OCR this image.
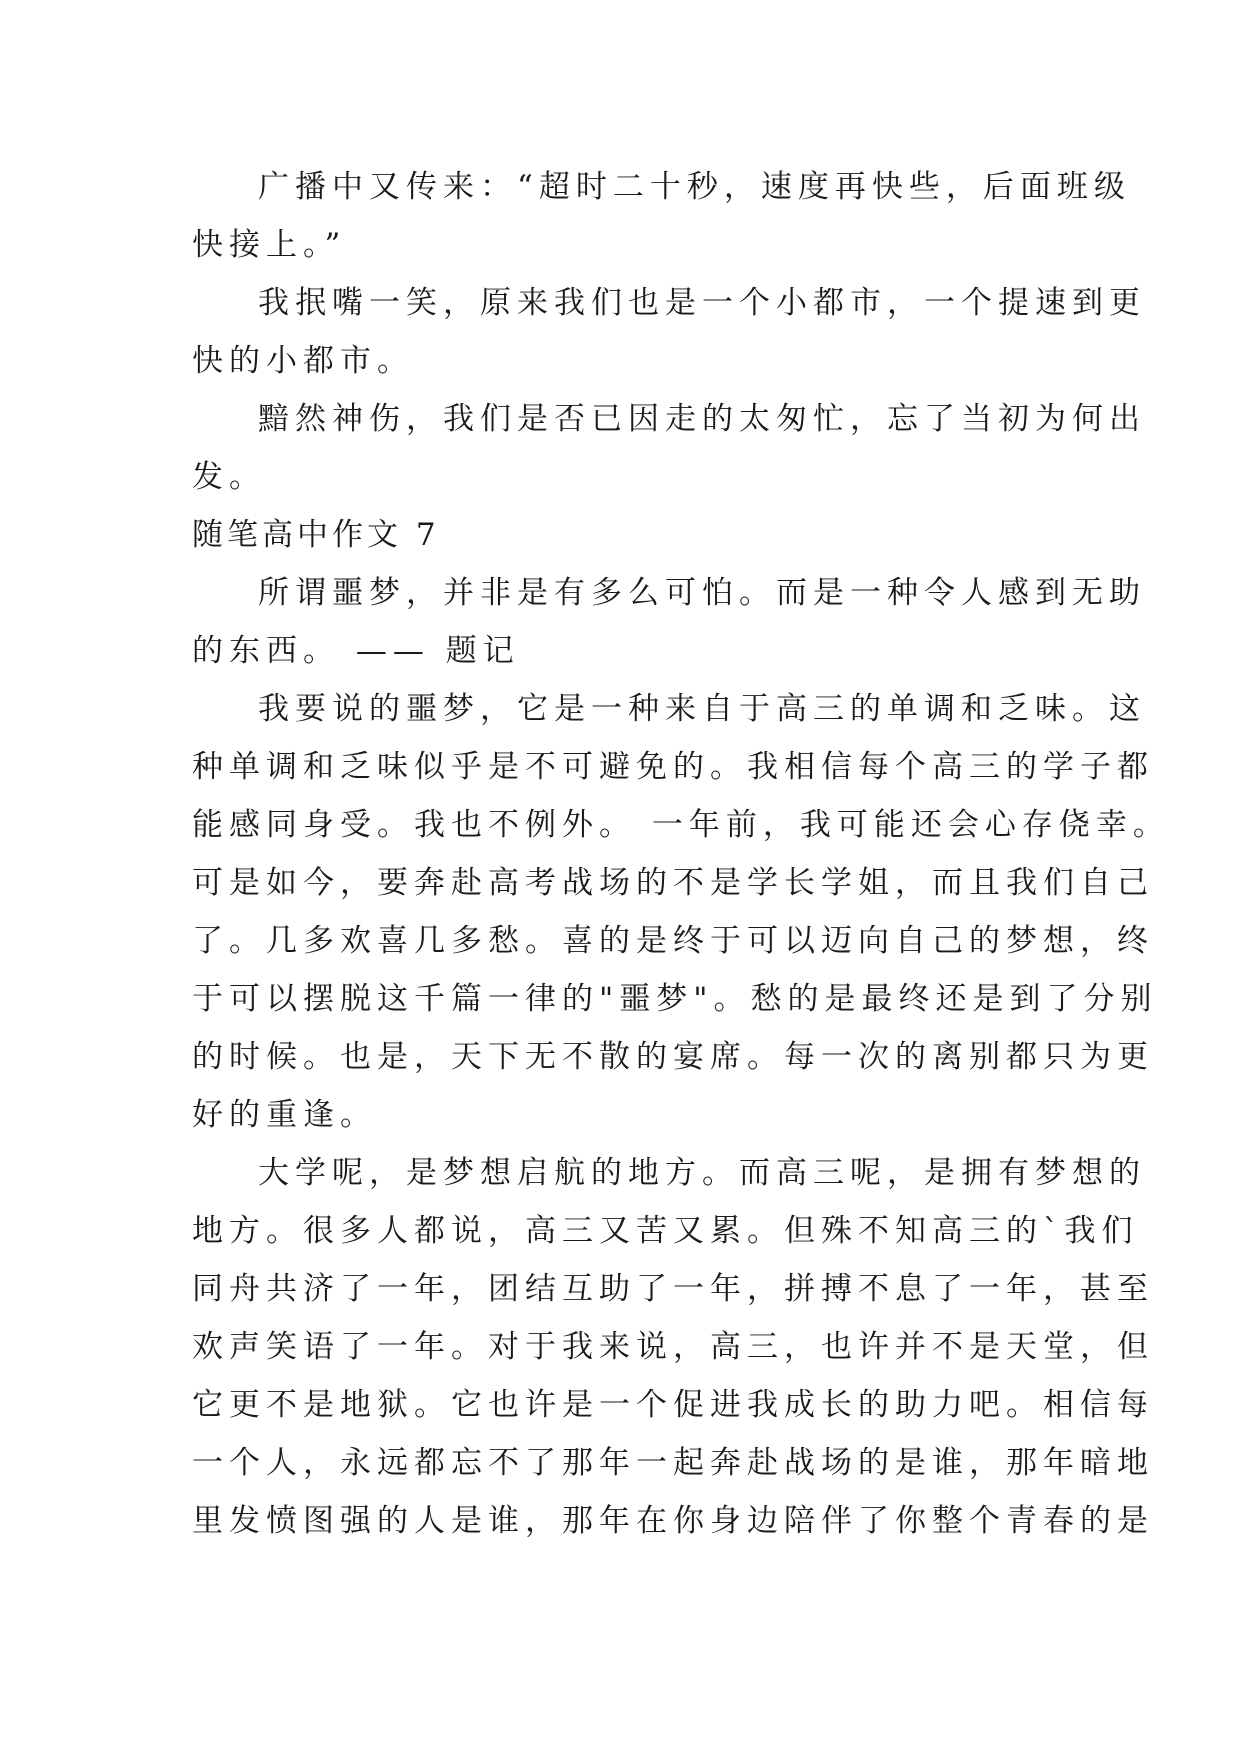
广播中又传来：“超时二十秒，速度再快些，后面班级
快接上。”
我抿嘴一笑，原来我们也是一个小都市，一个提速到更
快的小都市。
黯然神伤，我们是否已因走的太匆忙，忘了当初为何出
发。
随笔高中作文 7
所谓噩梦，并非是有多么可怕。而是一种令人感到无助
的东西。 —— 题记
我要说的噩梦，它是一种来自于高三的单调和乏味。这
种单调和乏味似乎是不可避免的。我相信每个高三的学子都
能感同身受。我也不例外。 一年前，我可能还会心存侥幸。
可是如今，要奔赴高考战场的不是学长学姐，而且我们自己
了。几多欢喜几多愁。喜的是终于可以迈向自己的梦想，终
于可以摆脱这千篇一律的"噩梦"。愁的是最终还是到了分别
的时候。也是，天下无不散的宴席。每一次的离别都只为更
好的重逢。
大学呢，是梦想启航的地方。而高三呢，是拥有梦想的
地方。很多人都说，高三又苦又累。但殊不知高三的`我们
同舟共济了一年，团结互助了一年，拼搏不息了一年，甚至
欢声笑语了一年。对于我来说，高三，也许并不是天堂，但
它更不是地狱。它也许是一个促进我成长的助力吧。相信每
一个人，永远都忘不了那年一起奔赴战场的是谁，那年暗地
里发愤图强的人是谁，那年在你身边陪伴了你整个青春的是
